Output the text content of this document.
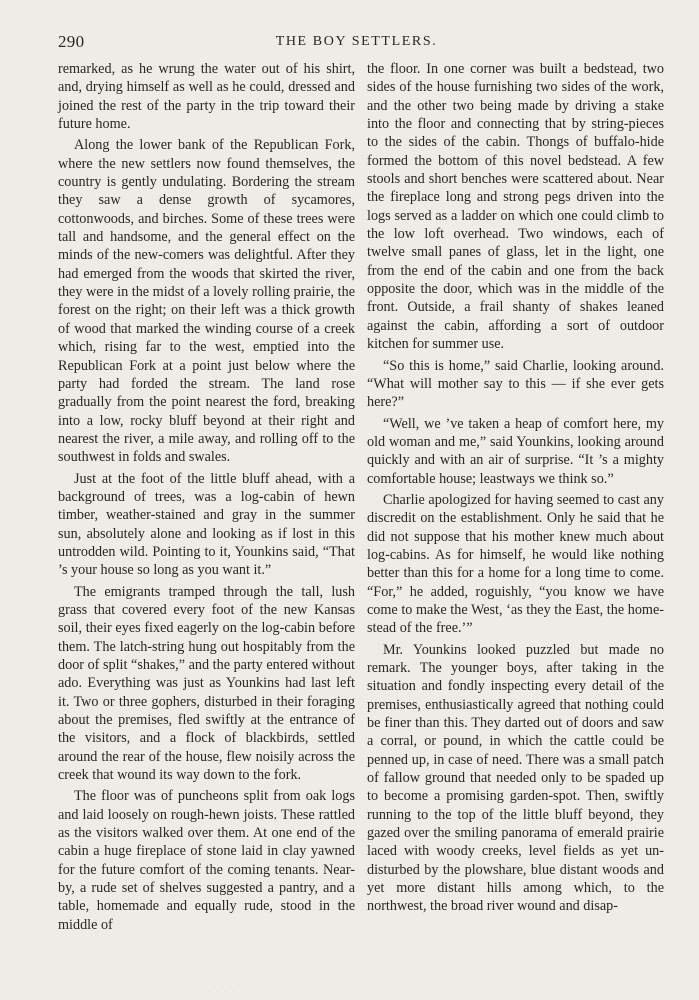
290	THE BOY SETTLERS.

remarked, as he wrung the water out of his shirt, and, drying himself as well as he could, dressed and joined the rest of the party in the trip toward their future home.

Along the lower bank of the Republican Fork, where the new settlers now found themselves, the country is gently undulating. Bordering the stream they saw a dense growth of sycamores, cottonwoods, and birches. Some of these trees were tall and handsome, and the general effect on the minds of the new-comers was delightful. After they had emerged from the woods that skirted the river, they were in the midst of a lovely rolling prairie, the forest on the right; on their left was a thick growth of wood that marked the winding course of a creek which, rising far to the west, emptied into the Republican Fork at a point just below where the party had forded the stream. The land rose gradually from the point nearest the ford, breaking into a low, rocky bluff beyond at their right and nearest the river, a mile away, and rolling off to the southwest in folds and swales.

Just at the foot of the little bluff ahead, with a background of trees, was a log-cabin of hewn timber, weather-stained and gray in the summer sun, absolutely alone and looking as if lost in this untrodden wild. Pointing to it, Younkins said, “That ’s your house so long as you want it.”

The emigrants tramped through the tall, lush grass that covered every foot of the new Kansas soil, their eyes fixed eagerly on the log-cabin before them. The latch-string hung out hospitably from the door of split “shakes,” and the party entered without ado. Everything was just as Younkins had last left it. Two or three gophers, disturbed in their foraging about the premises, fled swiftly at the entrance of the visitors, and a flock of blackbirds, settled around the rear of the house, flew noisily across the creek that wound its way down to the fork.

The floor was of puncheons split from oak logs and laid loosely on rough-hewn joists. These rattled as the visitors walked over them. At one end of the cabin a huge fireplace of stone laid in clay yawned for the future comfort of the coming tenants. Near-by, a rude set of shelves suggested a pantry, and a table, homemade and equally rude, stood in the middle of

the floor. In one corner was built a bedstead, two sides of the house furnishing two sides of the work, and the other two being made by driving a stake into the floor and connecting that by string-pieces to the sides of the cabin. Thongs of buffalo-hide formed the bottom of this novel bedstead. A few stools and short benches were scattered about. Near the fireplace long and strong pegs driven into the logs served as a ladder on which one could climb to the low loft overhead. Two windows, each of twelve small panes of glass, let in the light, one from the end of the cabin and one from the back opposite the door, which was in the middle of the front. Outside, a frail shanty of shakes leaned against the cabin, affording a sort of outdoor kitchen for summer use.

“So this is home,” said Charlie, looking around. “What will mother say to this — if she ever gets here?”

“Well, we ’ve taken a heap of comfort here, my old woman and me,” said Younkins, looking around quickly and with an air of surprise. “It ’s a mighty comfortable house; leastways we think so.”

Charlie apologized for having seemed to cast any discredit on the establishment. Only he said that he did not suppose that his mother knew much about log-cabins. As for himself, he would like nothing better than this for a home for a long time to come. “For,” he added, roguishly, “you know we have come to make the West, ‘as they the East, the homestead of the free.’”

Mr. Younkins looked puzzled but made no remark. The younger boys, after taking in the situation and fondly inspecting every detail of the premises, enthusiastically agreed that nothing could be finer than this. They darted out of doors and saw a corral, or pound, in which the cattle could be penned up, in case of need. There was a small patch of fallow ground that needed only to be spaded up to become a promising garden-spot. Then, swiftly running to the top of the little bluff beyond, they gazed over the smiling panorama of emerald prairie laced with woody creeks, level fields as yet undisturbed by the plowshare, blue distant woods and yet more distant hills among which, to the northwest, the broad river wound and disap-

· · · ·
